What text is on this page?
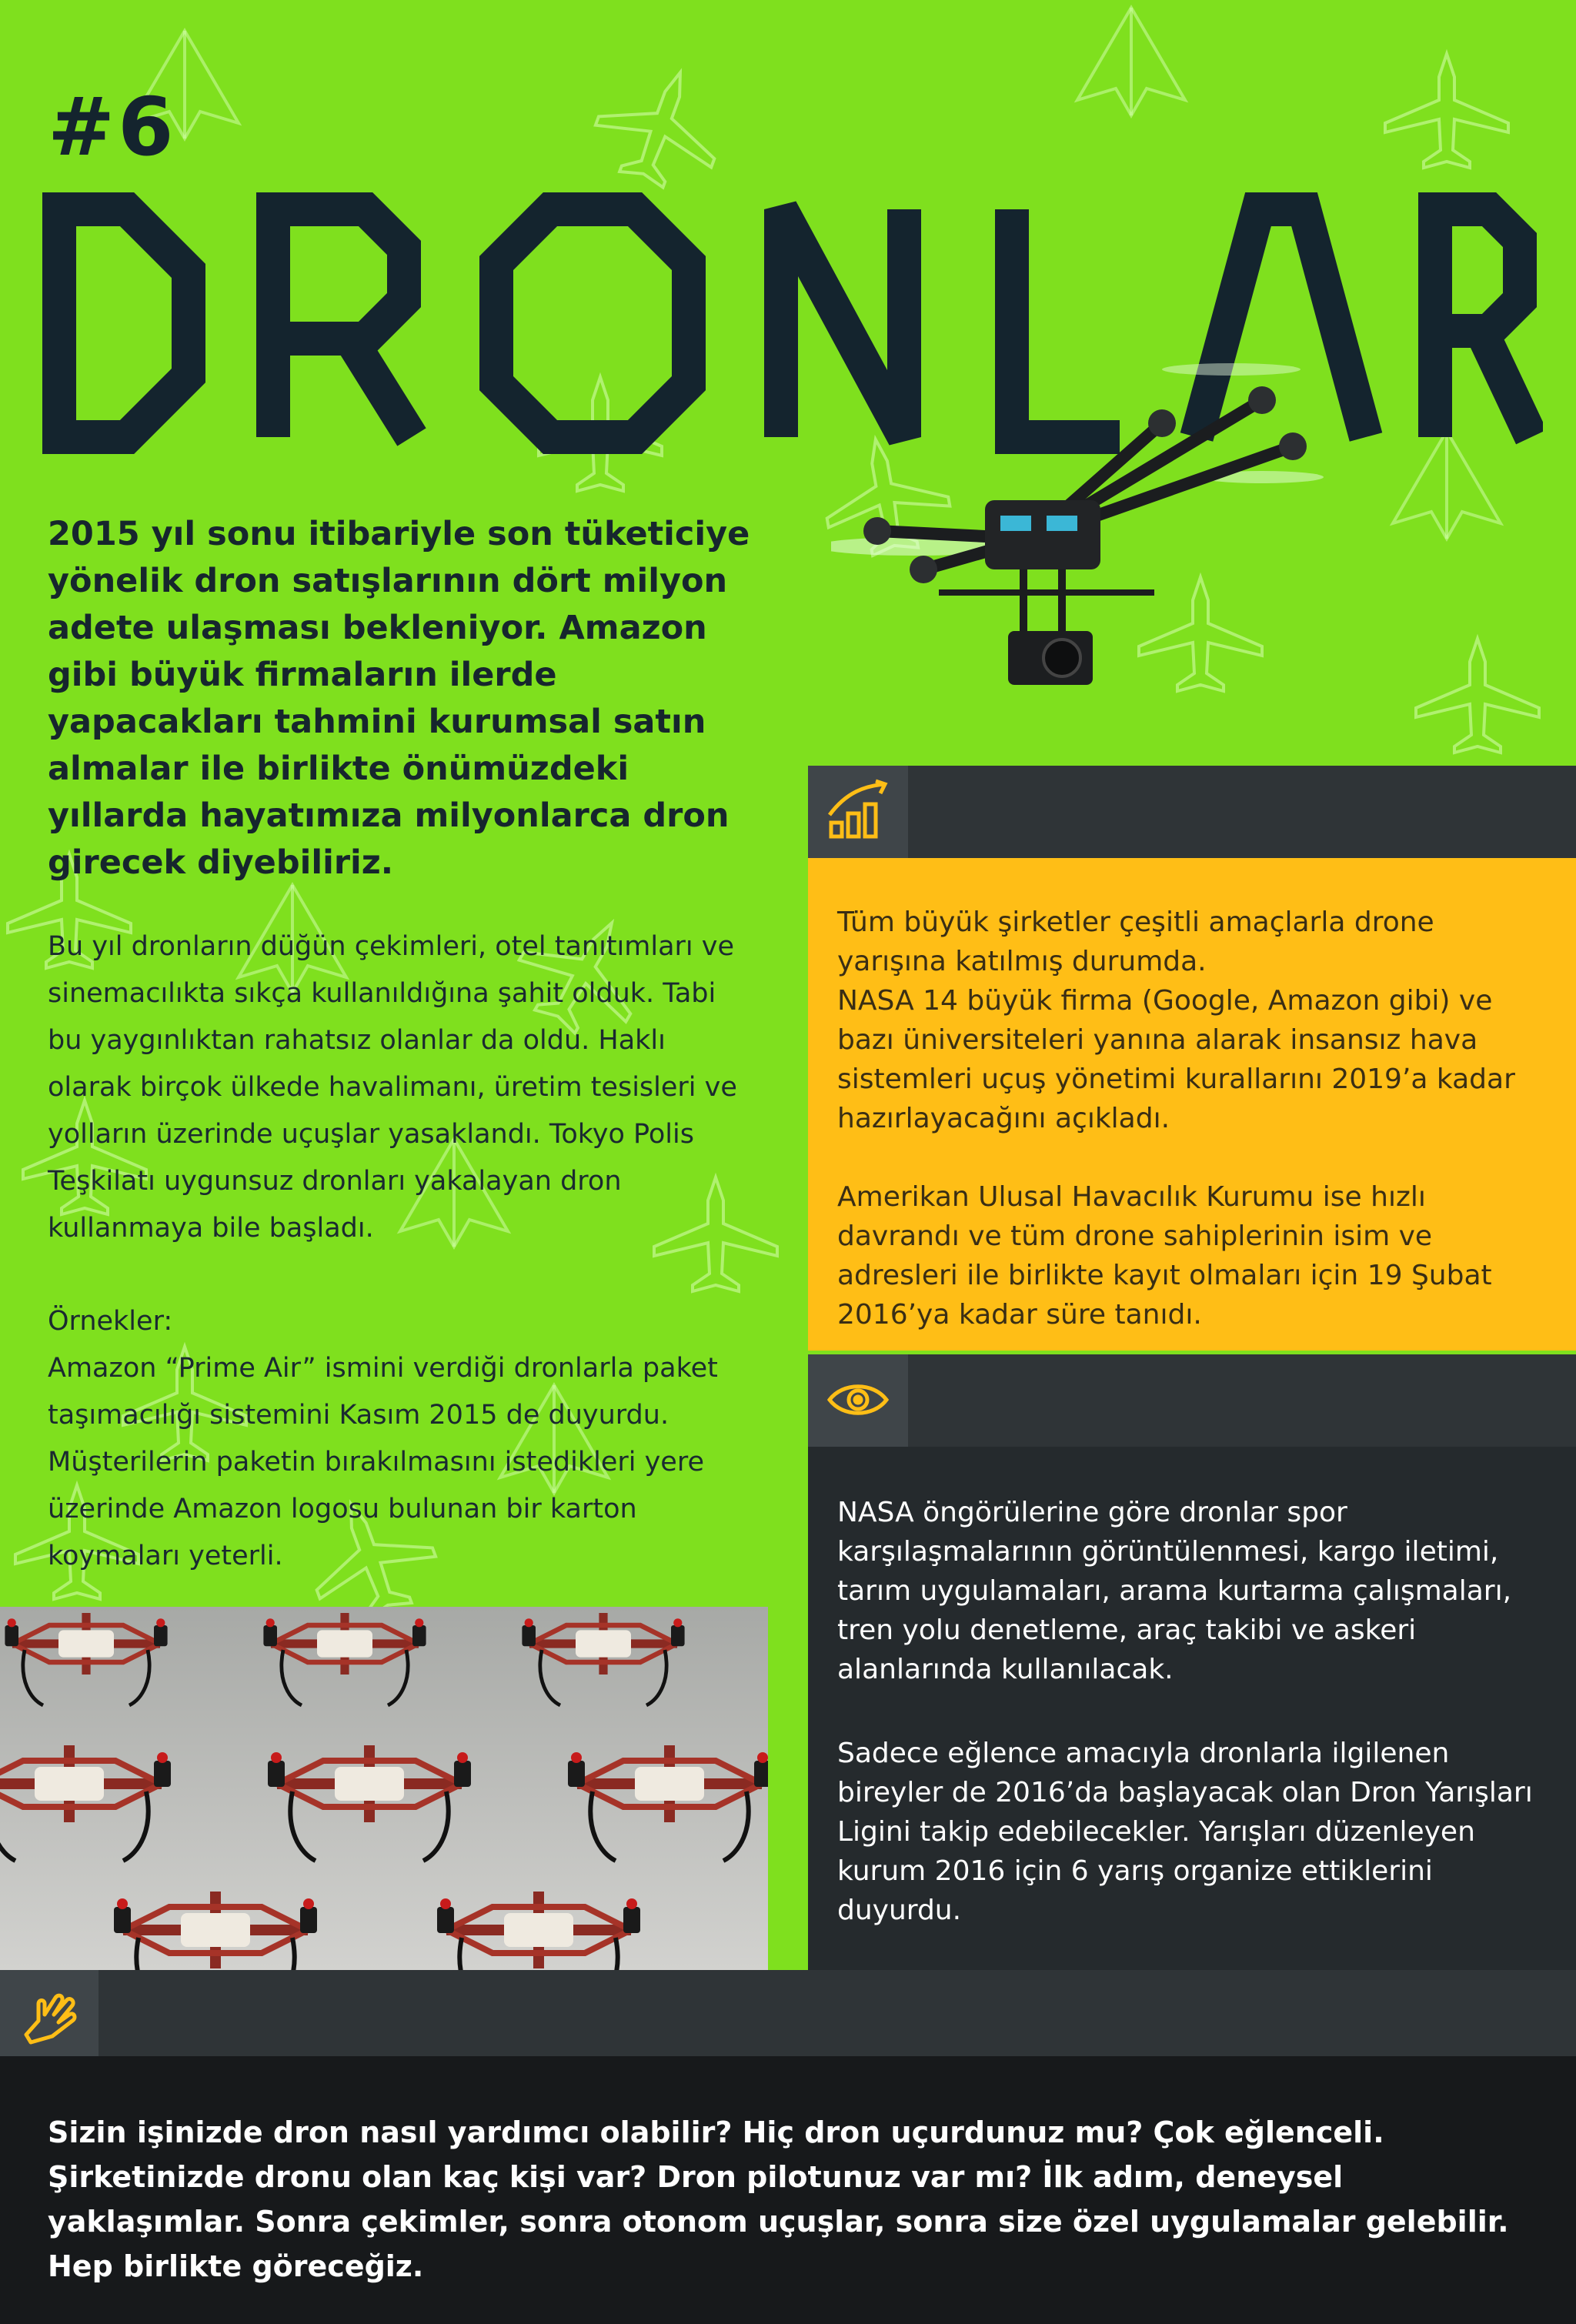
#6

2015 yıl sonu itibariyle son tüketiciye yönelik dron satışlarının dört milyon adete ulaşması bekleniyor. Amazon gibi büyük firmaların ilerde yapacakları tahmini kurumsal satın almalar ile birlikte önümüzdeki yıllarda hayatımıza milyonlarca dron girecek diyebiliriz.

Bu yıl dronların düğün çekimleri, otel tanıtımları ve sinemacılıkta sıkça kullanıldığına şahit olduk. Tabi bu yaygınlıktan rahatsız olanlar da oldu. Haklı olarak birçok ülkede havalimanı, üretim tesisleri ve yolların üzerinde uçuşlar yasaklandı. Tokyo Polis Teşkilatı uygunsuz dronları yakalayan dron kullanmaya bile başladı.

Örnekler:

Amazon “Prime Air” ismini verdiği dronlarla paket taşımacılığı sistemini Kasım 2015 de duyurdu. Müşterilerin paketin bırakılmasını istedikleri yere üzerinde Amazon logosu bulunan bir karton koymaları yeterli.

Tüm büyük şirketler çeşitli amaçlarla drone yarışına katılmış durumda.
NASA 14 büyük firma (Google, Amazon gibi) ve bazı üniversiteleri yanına alarak insansız hava sistemleri uçuş yönetimi kurallarını 2019’a kadar hazırlayacağını açıkladı.

Amerikan Ulusal Havacılık Kurumu ise hızlı davrandı ve tüm drone sahiplerinin isim ve adresleri ile birlikte kayıt olmaları için 19 Şubat 2016’ya kadar süre tanıdı.

NASA öngörülerine göre dronlar spor karşılaşmalarının görüntülenmesi, kargo iletimi, tarım uygulamaları, arama kurtarma çalışmaları, tren yolu denetleme, araç takibi ve askeri alanlarında kullanılacak.

Sadece eğlence amacıyla dronlarla ilgilenen bireyler de 2016’da başlayacak olan Dron Yarışları Ligini takip edebilecekler. Yarışları düzenleyen kurum 2016 için 6 yarış organize ettiklerini duyurdu.

Sizin işinizde dron nasıl yardımcı olabilir? Hiç dron uçurdunuz mu? Çok eğlenceli. Şirketinizde dronu olan kaç kişi var? Dron pilotunuz var mı? İlk adım, deneysel yaklaşımlar. Sonra çekimler, sonra otonom uçuşlar, sonra size özel uygulamalar gelebilir. Hep birlikte göreceğiz.
